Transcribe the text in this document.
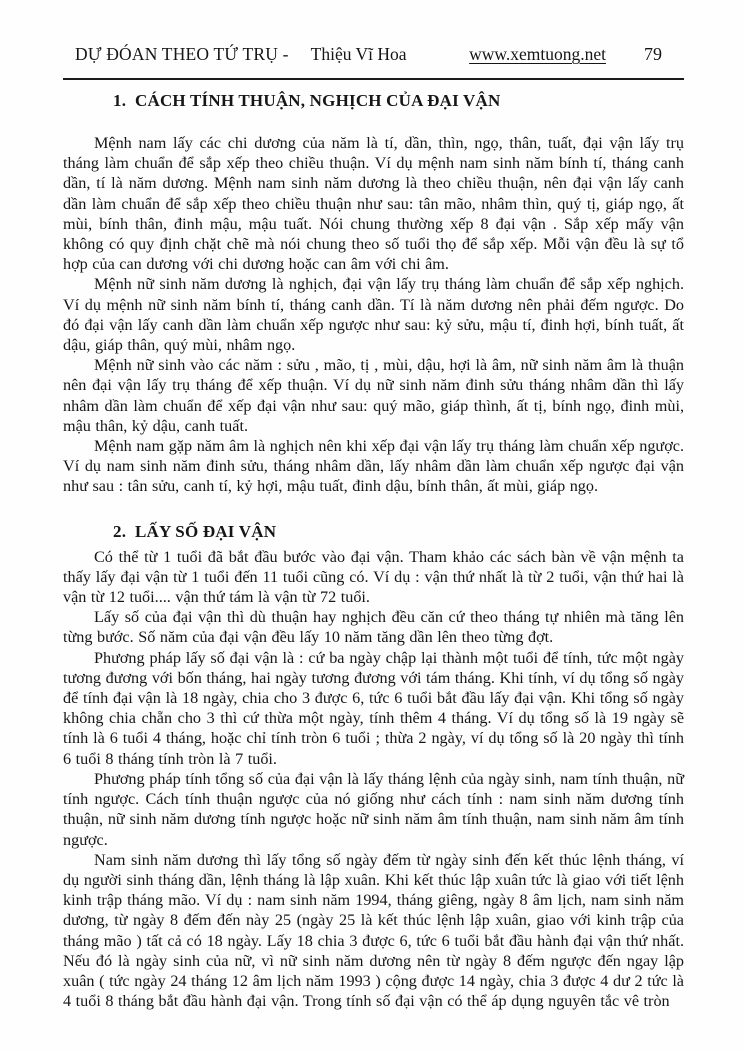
DỰ ĐÓAN THEO TỨ TRỤ - Thiệu Vĩ Hoa	www.xemtuong.net 79
1. CÁCH TÍNH THUẬN, NGHỊCH CỦA ĐẠI VẬN

Mệnh nam lấy các chi dương của năm là tí, dần, thìn, ngọ, thân, tuất, đại vận lấy trụ tháng làm chuẩn để sắp xếp theo chiều thuận. Ví dụ mệnh nam sinh năm bính tí, tháng canh dần, tí là năm dương. Mệnh nam sinh năm dương là theo chiều thuận, nên đại vận lấy canh dần làm chuẩn để sắp xếp theo chiều thuận như sau: tân mão, nhâm thìn, quý tị, giáp ngọ, ất mùi, bính thân, đinh mậu, mậu tuất. Nói chung thường xếp 8 đại vận . Sắp xếp mấy vận không có quy định chặt chẽ mà nói chung theo số tuổi thọ để sắp xếp. Mỗi vận đều là sự tổ hợp của can dương với chi dương hoặc can âm với chi âm.

Mệnh nữ sinh năm dương là nghịch, đại vận lấy trụ tháng làm chuẩn để sắp xếp nghịch. Ví dụ mệnh nữ sinh năm bính tí, tháng canh dần. Tí là năm dương nên phải đếm ngược. Do đó đại vận lấy canh dần làm chuẩn xếp ngược như sau: kỷ sửu, mậu tí, đinh hợi, bính tuất, ất dậu, giáp thân, quý mùi, nhâm ngọ.

Mệnh nữ sinh vào các năm : sửu , mão, tị , mùi, dậu, hợi là âm, nữ sinh năm âm là thuận nên đại vận lấy trụ tháng để xếp thuận. Ví dụ nữ sinh năm đinh sửu tháng nhâm dần thì lấy nhâm dần làm chuẩn để xếp đại vận như sau: quý mão, giáp thình, ất tị, bính ngọ, đinh mùi, mậu thân, kỷ dậu, canh tuất.

Mệnh nam gặp năm âm là nghịch nên khi xếp đại vận lấy trụ tháng làm chuẩn xếp ngược. Ví dụ nam sinh năm đinh sửu, tháng nhâm dần, lấy nhâm dần làm chuẩn xếp ngược đại vận như sau : tân sửu, canh tí, kỷ hợi, mậu tuất, đinh dậu, bính thân, ất mùi, giáp ngọ.

2. LẤY SỐ ĐẠI VẬN

Có thể từ 1 tuổi đã bắt đầu bước vào đại vận. Tham khảo các sách bàn về vận mệnh ta thấy lấy đại vận từ 1 tuổi đến 11 tuổi cũng có. Ví dụ : vận thứ nhất là từ 2 tuổi, vận thứ hai là vận từ 12 tuổi.... vận thứ tám là vận từ 72 tuổi.

Lấy số của đại vận thì dù thuận hay nghịch đều căn cứ theo tháng tự nhiên mà tăng lên từng bước. Số năm của đại vận đều lấy 10 năm tăng dần lên theo từng đợt.

Phương pháp lấy số đại vận là : cứ ba ngày chập lại thành một tuổi để tính, tức một ngày tương đương với bốn tháng, hai ngày tương đương với tám tháng. Khi tính, ví dụ tổng số ngày để tính đại vận là 18 ngày, chia cho 3 được 6, tức 6 tuổi bắt đầu lấy đại vận. Khi tổng số ngày không chia chẵn cho 3 thì cứ thừa một ngày, tính thêm 4 tháng. Ví dụ tổng số là 19 ngày sẽ tính là 6 tuổi 4 tháng, hoặc chỉ tính tròn 6 tuổi ; thừa 2 ngày, ví dụ tổng số là 20 ngày thì tính 6 tuổi 8 tháng tính tròn là 7 tuổi.

Phương pháp tính tổng số của đại vận là lấy tháng lệnh của ngày sinh, nam tính thuận, nữ tính ngược. Cách tính thuận ngược của nó giống như cách tính : nam sinh năm dương tính thuận, nữ sinh năm dương tính ngược hoặc nữ sinh năm âm tính thuận, nam sinh năm âm tính ngược.

Nam sinh năm dương thì lấy tổng số ngày đếm từ ngày sinh đến kết thúc lệnh tháng, ví dụ người sinh tháng dần, lệnh tháng là lập xuân. Khi kết thúc lập xuân tức là giao với tiết lệnh kinh trập tháng mão. Ví dụ : nam sinh năm 1994, tháng giêng, ngày 8 âm lịch, nam sinh năm dương, từ ngày 8 đếm đến này 25 (ngày 25 là kết thúc lệnh lập xuân, giao với kinh trập của tháng mão ) tất cả có 18 ngày. Lấy 18 chia 3 được 6, tức 6 tuổi bắt đầu hành đại vận thứ nhất. Nếu đó là ngày sinh của nữ, vì nữ sinh năm dương nên từ ngày 8 đếm ngược đến ngay lập xuân ( tức ngày 24 tháng 12 âm lịch năm 1993 ) cộng được 14 ngày, chia 3 được 4 dư 2 tức là 4 tuổi 8 tháng bắt đầu hành đại vận. Trong tính số đại vận có thể áp dụng nguyên tắc vê tròn
